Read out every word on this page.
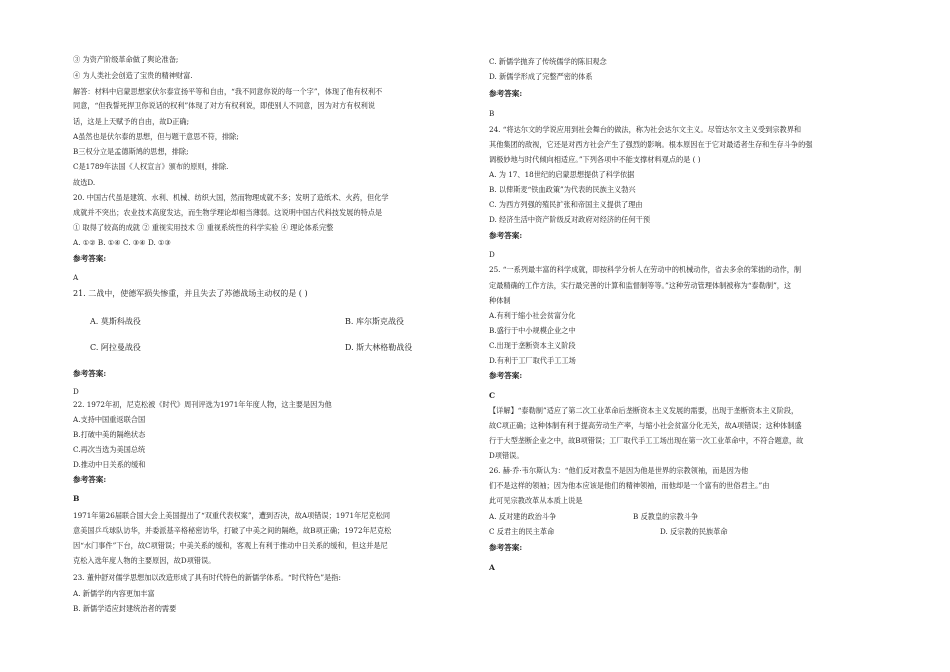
③ 为资产阶级革命做了舆论准备;
④ 为人类社会创造了宝贵的精神财富.
解答：材料中启蒙思想家伏尔泰宣扬平等和自由，“我不同意你说的每一个字”，体现了他有权利不
同意，“但我誓死捍卫你说话的权利”体现了对方有权利说，即使别人不同意，因为对方有权利说
话，这是上天赋予的自由，故D正确;
A虽然也是伏尔泰的思想，但与题干意思不符，排除;
B三权分立是孟德斯鸠的思想，排除;
C是1789年法国《人权宣言》颁布的原则，排除.
故选D.
20. 中国古代虽是建筑、水利、机械、纺织大国，然而物理成就不多；发明了造纸术、火药，但化学
成就并不突出；农业技术高度发达，而生物学理论却相当薄弱。这说明中国古代科技发展的特点是
① 取得了较高的成就 ② 重视实用技术 ③ 重视系统性的科学实验 ④ 理论体系完整
A. ①② B. ①④ C. ③④ D. ①③
参考答案:
A
21. 二战中，使德军损失惨重，并且失去了苏德战场主动权的是 ( )
A. 莫斯科战役	B. 库尔斯克战役
C. 阿拉曼战役	D. 斯大林格勒战役
参考答案:
D
22. 1972年初，尼克松被《时代》周刊评选为1971年年度人物，这主要是因为他
A.支持中国重返联合国
B.打破中美的隔绝状态
C.再次当选为美国总统
D.推动中日关系的缓和
参考答案:
B
1971年第26届联合国大会上美国提出了“双重代表权案”，遭到否决，故A项错误；1971年尼克松同
意美国乒乓球队访华，并委派基辛格秘密访华，打破了中美之间的隔绝，故B项正确；1972年尼克松
因“水门事件”下台，故C项错误；中美关系的缓和，客观上有利于推动中日关系的缓和，但这并是尼
克松入选年度人物的主要原因，故D项错误。
23. 董仲舒对儒学思想加以改造形成了具有时代特色的新儒学体系。“时代特色”是指:
A. 新儒学的内容更加丰富
B. 新儒学适应封建统治者的需要
C. 新儒学抛弃了传统儒学的陈旧观念
D. 新儒学形成了完整严密的体系
参考答案:
B
24. “将达尔文的学说应用到社会舞台的做法，称为社会达尔文主义。尽管达尔文主义受到宗教界和
其他集团的敌视，它还是对西方社会产生了强烈的影响。根本原因在于它对最适者生存和生存斗争的强
调极妙地与时代倾向相适应。”下列各项中不能支撑材料观点的是 ( )
A. 为 17、18世纪的启蒙思想提供了科学依据
B. 以俾斯麦“铁血政策”为代表的民族主义勃兴
C. 为西方列强的殖民扩张和帝国主义提供了理由
D. 经济生活中资产阶级反对政府对经济的任何干预
参考答案:
D
25. “一系列最丰富的科学成就，即按科学分析人在劳动中的机械动作，省去多余的笨拙的动作，制
定最精确的工作方法，实行最完善的计算和监督制等等。”这种劳动管理体制被称为“泰勒制”，这
种体制
A.有利于缩小社会贫富分化
B.盛行于中小规模企业之中
C.出现于垄断资本主义阶段
D.有利于工厂取代手工工场
参考答案:
C
【详解】“泰勒制”适应了第二次工业革命后垄断资本主义发展的需要，出现于垄断资本主义阶段，
故C项正确；这种体制有利于提高劳动生产率，与缩小社会贫富分化无关，故A项错误；这种体制盛
行于大型垄断企业之中，故B项错误；工厂取代手工工场出现在第一次工业革命中，不符合题意，故
D项错误。
26. 赫·乔·韦尔斯认为：“他们反对教皇不是因为他是世界的宗教领袖，而是因为他
们不是这样的领袖；因为他本应该是他们的精神领袖，而他却是一个富有的世俗君主。”由
此可见宗教改革从本质上说是
A. 反对建的政治斗争	B 反教皇的宗教斗争
C 反君主的民主革命	D. 反宗教的民族革命
参考答案:
A
